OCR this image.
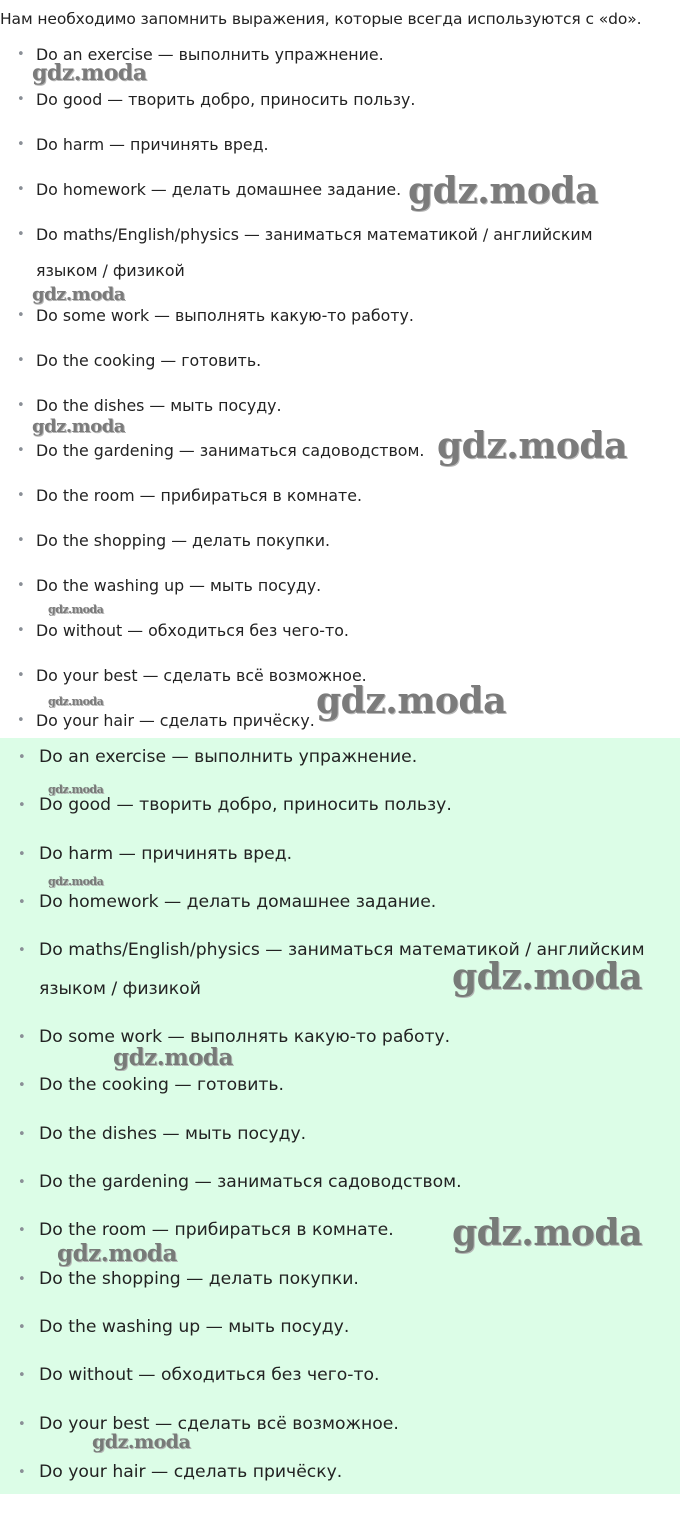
Нам необходимо запомнить выражения, которые всегда используются с «do».
• Do an exercise — выполнить упражнение.
• Do good — творить добро, приносить пользу.
• Do harm — причинять вред.
• Do homework — делать домашнее задание.
• Do maths/English/physics — заниматься математикой / английским
языком / физикой
• Do some work — выполнять какую-то работу.
• Do the cooking — готовить.
• Do the dishes — мыть посуду.
• Do the gardening — заниматься садоводством.
• Do the room — прибираться в комнате.
• Do the shopping — делать покупки.
• Do the washing up — мыть посуду.
• Do without — обходиться без чего-то.
• Do your best — сделать всё возможное.
• Do your hair — сделать причёску.
• Do an exercise — выполнить упражнение.
• Do good — творить добро, приносить пользу.
• Do harm — причинять вред.
• Do homework — делать домашнее задание.
• Do maths/English/physics — заниматься математикой / английским
языком / физикой
• Do some work — выполнять какую-то работу.
• Do the cooking — готовить.
• Do the dishes — мыть посуду.
• Do the gardening — заниматься садоводством.
• Do the room — прибираться в комнате.
• Do the shopping — делать покупки.
• Do the washing up — мыть посуду.
• Do without — обходиться без чего-то.
• Do your best — сделать всё возможное.
• Do your hair — сделать причёску.
gdz.moda
gdz.moda
gdz.moda
gdz.moda	gdz.moda
gdz.moda
gdz.moda	gdz.moda
gdz.moda
gdz.moda
gdz.moda
gdz.moda
gdz.moda
gdz.moda
gdz.moda
